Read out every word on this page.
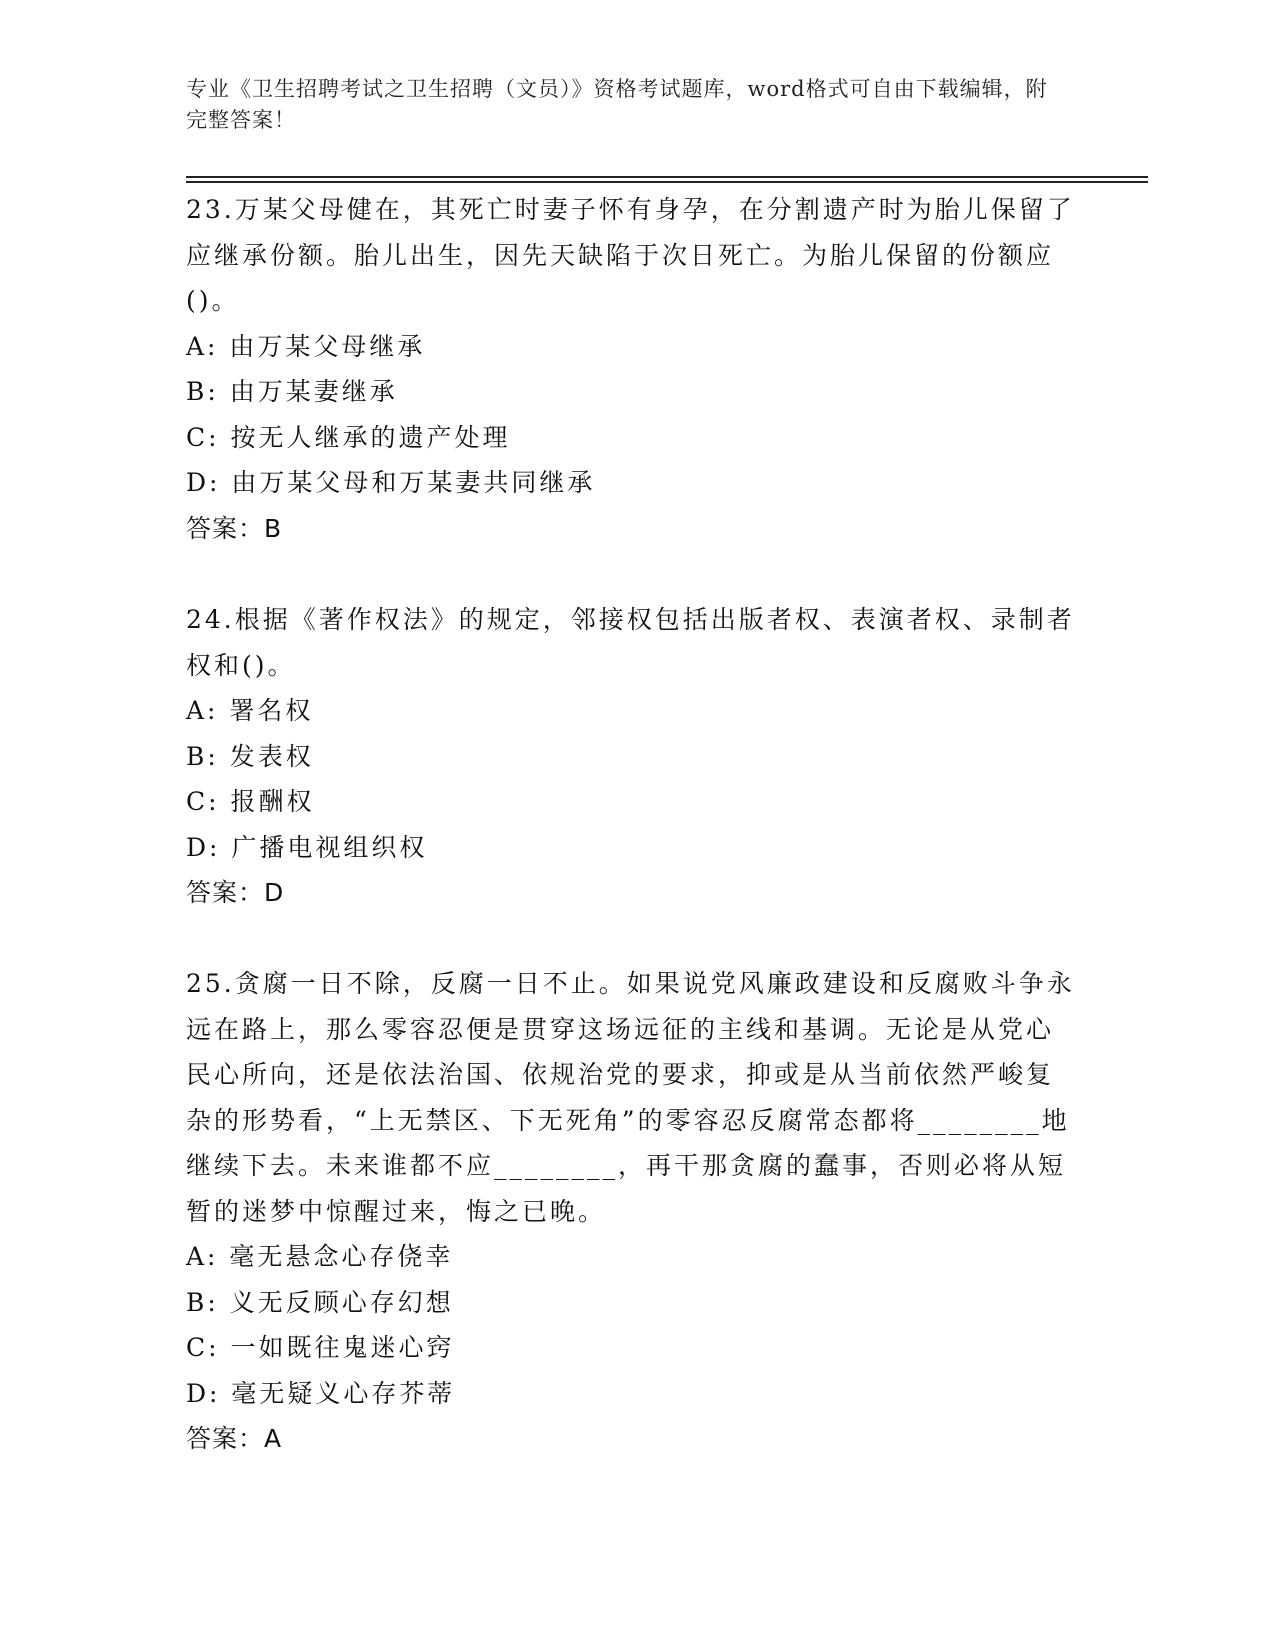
专业《卫生招聘考试之卫生招聘（文员）》资格考试题库，word格式可自由下载编辑，附完整答案！

23.万某父母健在，其死亡时妻子怀有身孕，在分割遗产时为胎儿保留了应继承份额。胎儿出生，因先天缺陷于次日死亡。为胎儿保留的份额应()。

A: 由万某父母继承

B: 由万某妻继承

C: 按无人继承的遗产处理

D: 由万某父母和万某妻共同继承

答案：B

24.根据《著作权法》的规定，邻接权包括出版者权、表演者权、录制者权和()。

A: 署名权

B: 发表权

C: 报酬权

D: 广播电视组织权

答案：D

25.贪腐一日不除，反腐一日不止。如果说党风廉政建设和反腐败斗争永远在路上，那么零容忍便是贯穿这场远征的主线和基调。无论是从党心民心所向，还是依法治国、依规治党的要求，抑或是从当前依然严峻复杂的形势看，“上无禁区、下无死角”的零容忍反腐常态都将________地继续下去。未来谁都不应________，再干那贪腐的蠢事，否则必将从短暂的迷梦中惊醒过来，悔之已晚。

A: 毫无悬念心存侥幸

B: 义无反顾心存幻想

C: 一如既往鬼迷心窍

D: 毫无疑义心存芥蒂

答案：A
